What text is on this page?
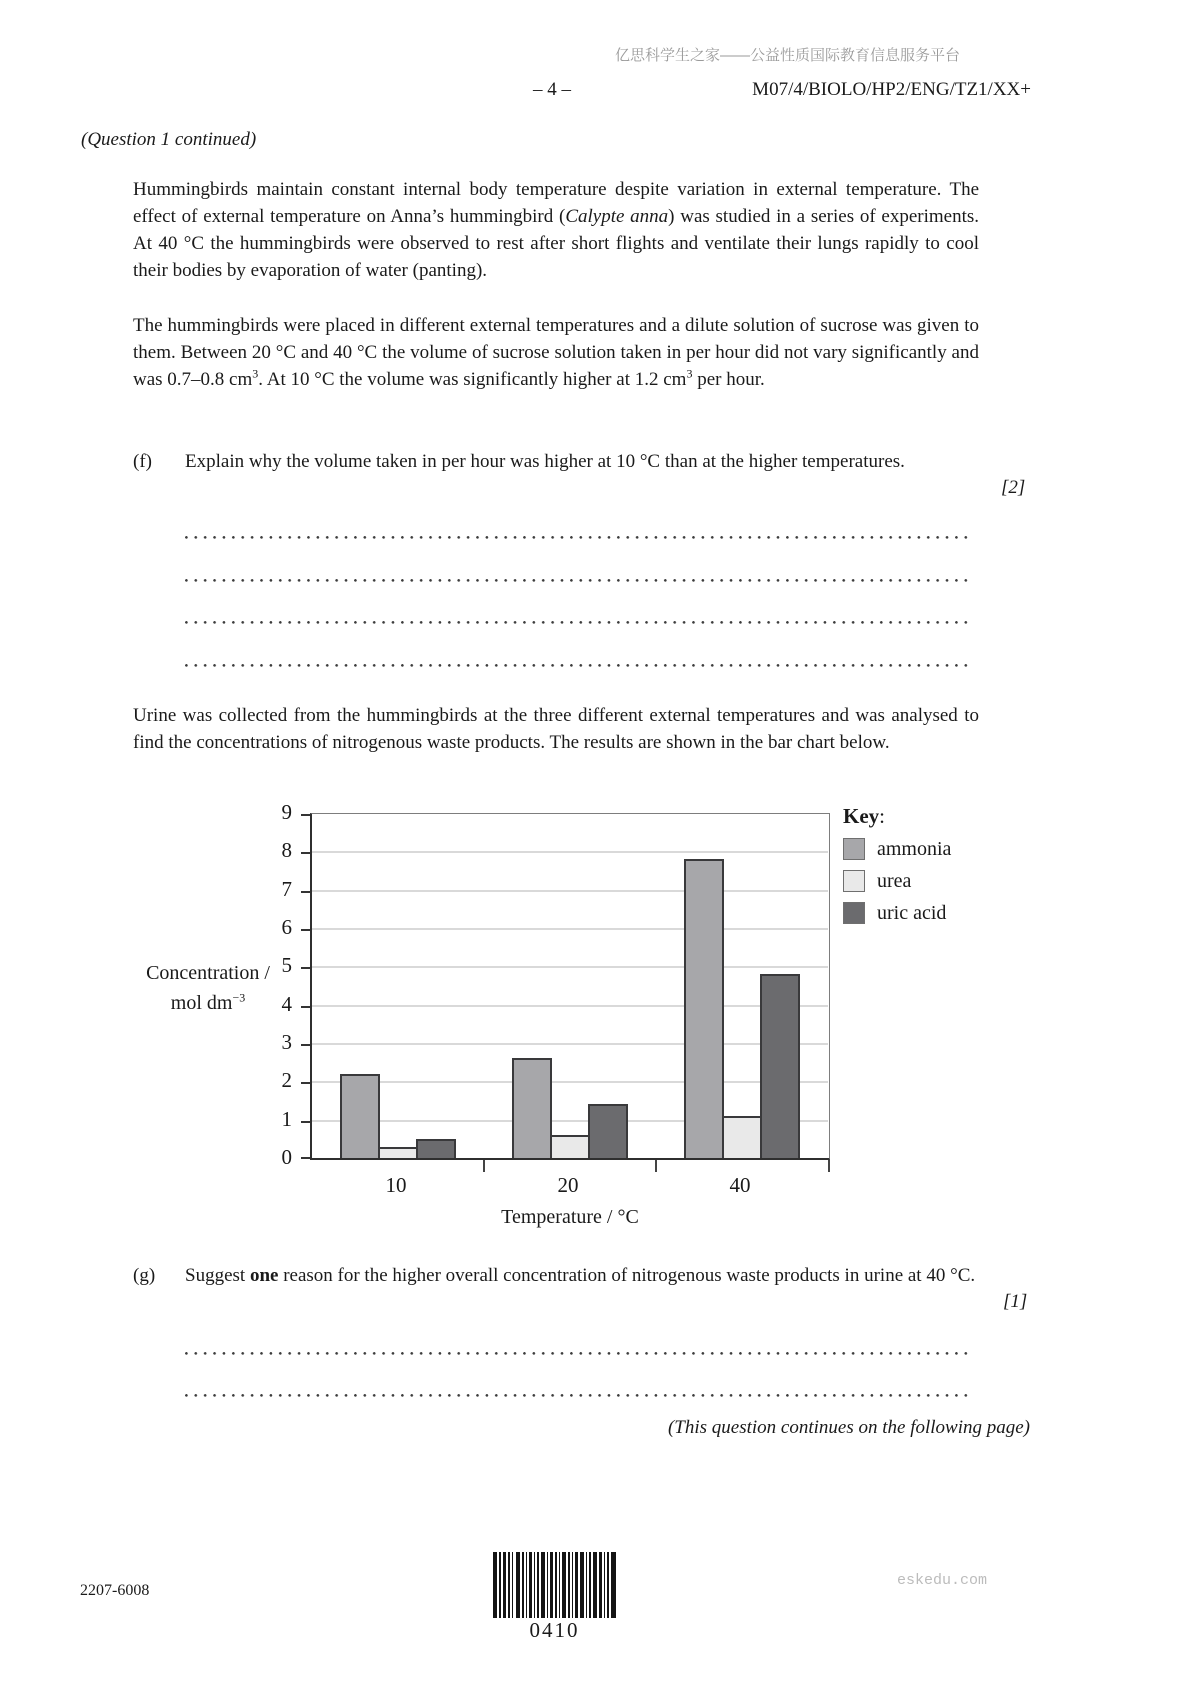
亿思科学生之家——公益性质国际教育信息服务平台
– 4 –	M07/4/BIOLO/HP2/ENG/TZ1/XX+
(Question 1 continued)
Hummingbirds maintain constant internal body temperature despite variation in external temperature. The effect of external temperature on Anna’s hummingbird (Calypte anna) was studied in a series of experiments. At 40 °C the hummingbirds were observed to rest after short flights and ventilate their lungs rapidly to cool their bodies by evaporation of water (panting).
The hummingbirds were placed in different external temperatures and a dilute solution of sucrose was given to them. Between 20 °C and 40 °C the volume of sucrose solution taken in per hour did not vary significantly and was 0.7–0.8 $cm^3$. At 10 °C the volume was significantly higher at 1.2 $cm^3$ per hour.
(f)	Explain why the volume taken in per hour was higher at 10 °C than at the higher temperatures.
[2]
Urine was collected from the hummingbirds at the three different external temperatures and was analysed to find the concentrations of nitrogenous waste products. The results are shown in the bar chart below.
Concentration /
mol $dm^{-3}$
0
1
2
3
4
5
6
7
8
9
Temperature / °C
10	20	40
Key:
ammonia
urea
uric acid
(g)	Suggest one reason for the higher overall concentration of nitrogenous waste products in urine at 40 °C.
[1]
(This question continues on the following page)
2207-6008
0410
eskedu.com
